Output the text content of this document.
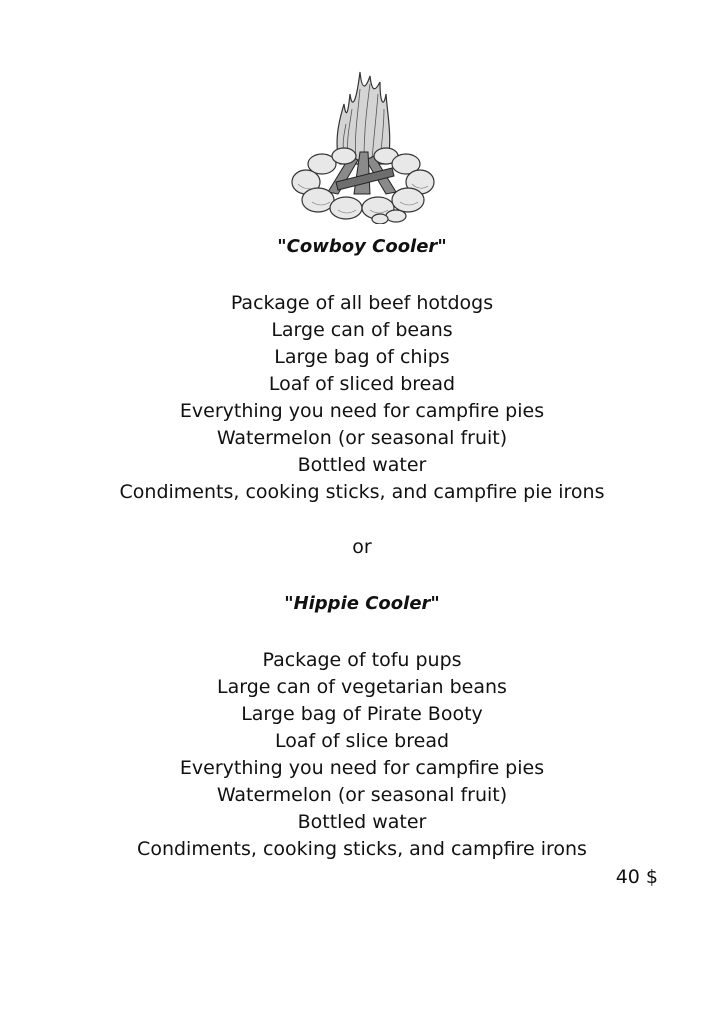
"Cowboy Cooler"
Package of all beef hotdogs
Large can of beans
Large bag of chips
Loaf of sliced bread
Everything you need for campfire pies
Watermelon (or seasonal fruit)
Bottled water
Condiments, cooking sticks, and campfire pie irons
or
"Hippie Cooler"
Package of tofu pups
Large can of vegetarian beans
Large bag of Pirate Booty
Loaf of slice bread
Everything you need for campfire pies
Watermelon (or seasonal fruit)
Bottled water
Condiments, cooking sticks, and campfire irons
40 $
